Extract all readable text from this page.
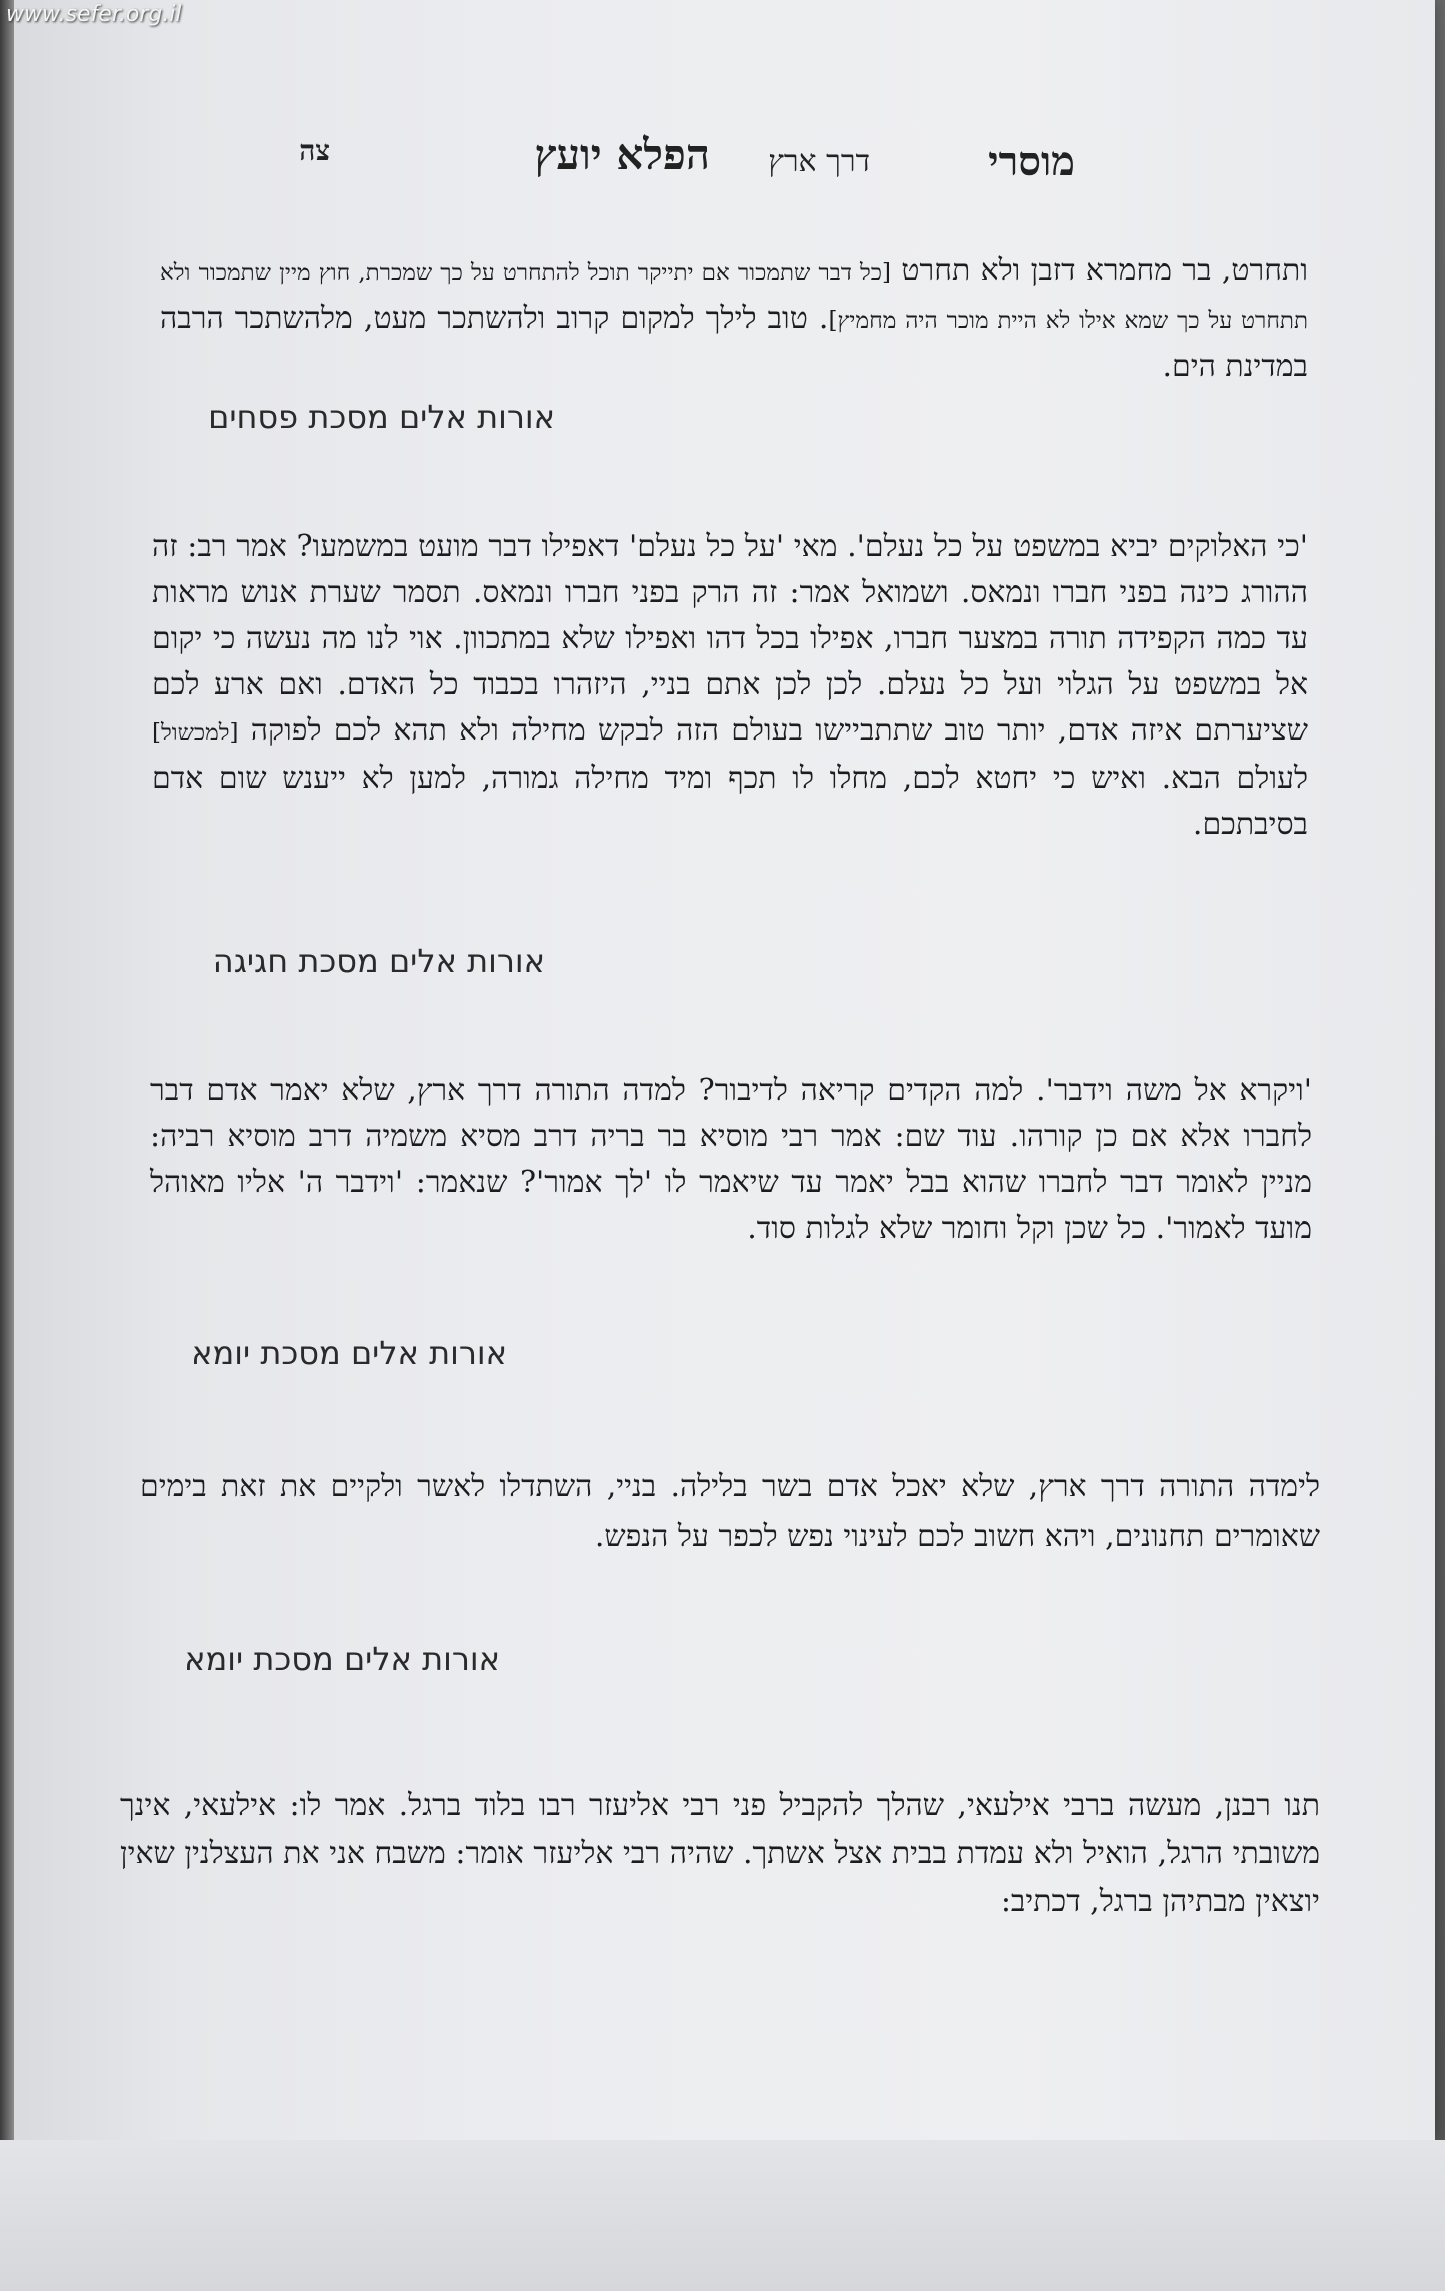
www.sefer.org.il
מוסרי
דרך ארץ
הפלא יועץ
צה

ותחרט, בר מחמרא דזבן ולא תחרט [כל דבר שתמכור אם יתייקר תוכל להתחרט על כך שמכרת, חוץ מיין שתמכור ולא תתחרט על כך שמא אילו לא היית מוכר היה מחמיץ]. טוב לילך למקום קרוב ולהשתכר מעט, מלהשתכר הרבה במדינת הים.

אורות אלים מסכת פסחים

'כי האלוקים יביא במשפט על כל נעלם'. מאי 'על כל נעלם' דאפילו דבר מועט במשמעו? אמר רב: זה ההורג כינה בפני חברו ונמאס. ושמואל אמר: זה הרק בפני חברו ונמאס. תסמר שערת אנוש מראות עד כמה הקפידה תורה במצער חברו, אפילו בכל דהו ואפילו שלא במתכוון. אוי לנו מה נעשה כי יקום אל במשפט על הגלוי ועל כל נעלם. לכן לכן אתם בניי, היזהרו בכבוד כל האדם. ואם ארע לכם שציערתם איזה אדם, יותר טוב שתתביישו בעולם הזה לבקש מחילה ולא תהא לכם לפוקה [למכשול] לעולם הבא. ואיש כי יחטא לכם, מחלו לו תכף ומיד מחילה גמורה, למען לא ייענש שום אדם בסיבתכם.

אורות אלים מסכת חגיגה

'ויקרא אל משה וידבר'. למה הקדים קריאה לדיבור? למדה התורה דרך ארץ, שלא יאמר אדם דבר לחברו אלא אם כן קורהו. עוד שם: אמר רבי מוסיא בר בריה דרב מסיא משמיה דרב מוסיא רביה: מניין לאומר דבר לחברו שהוא בבל יאמר עד שיאמר לו 'לך אמור'? שנאמר: 'וידבר ה' אליו מאוהל מועד לאמור'. כל שכן וקל וחומר שלא לגלות סוד.

אורות אלים מסכת יומא

לימדה התורה דרך ארץ, שלא יאכל אדם בשר בלילה. בניי, השתדלו לאשר ולקיים את זאת בימים שאומרים תחנונים, ויהא חשוב לכם לעינוי נפש לכפר על הנפש.

אורות אלים מסכת יומא

תנו רבנן, מעשה ברבי אילעאי, שהלך להקביל פני רבי אליעזר רבו בלוד ברגל. אמר לו: אילעאי, אינך משובתי הרגל, הואיל ולא עמדת בבית אצל אשתך. שהיה רבי אליעזר אומר: משבח אני את העצלנין שאין יוצאין מבתיהן ברגל, דכתיב:
